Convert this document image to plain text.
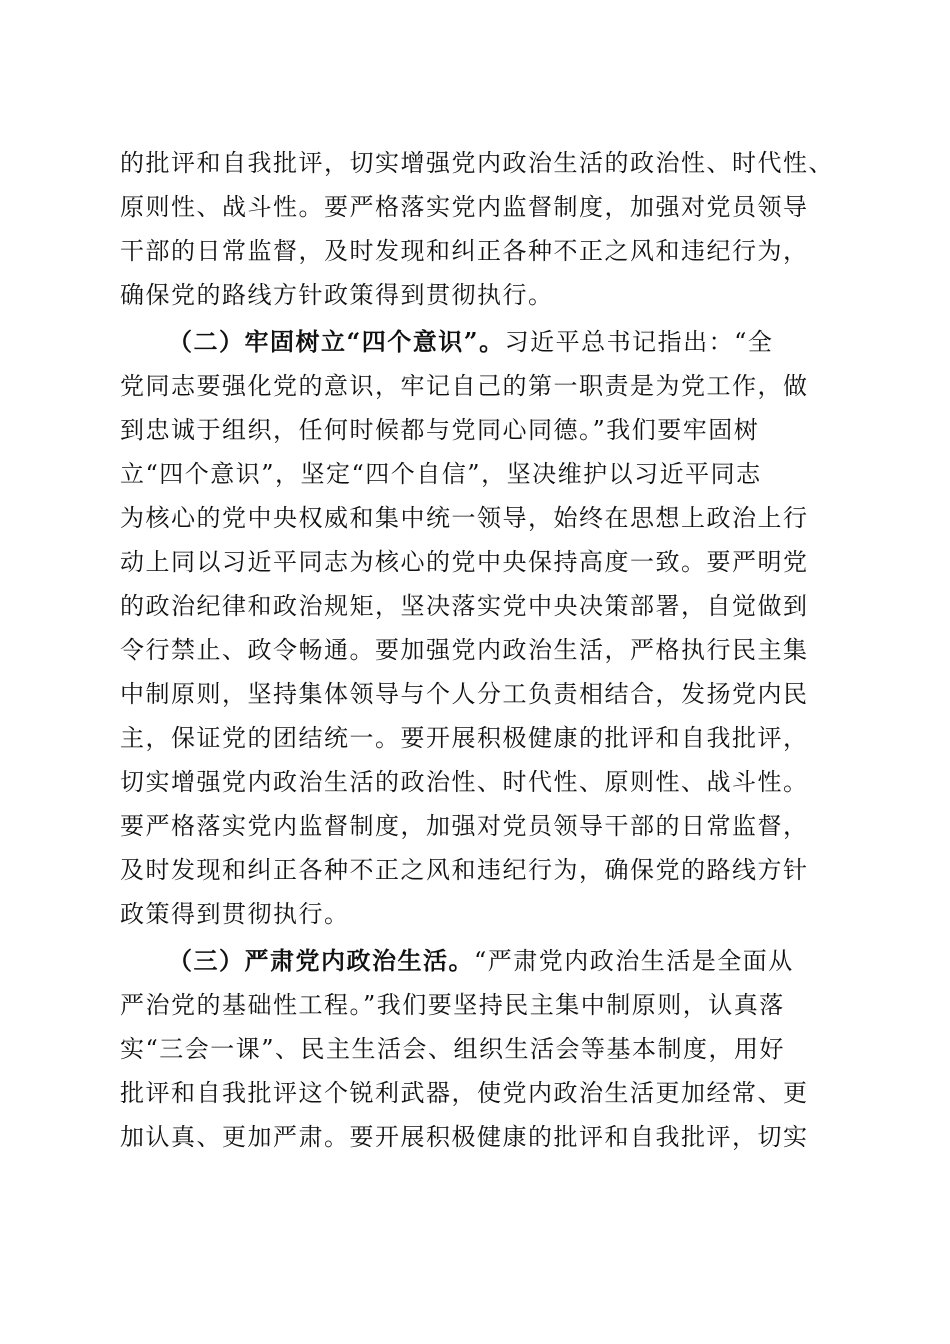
的批评和自我批评，切实增强党内政治生活的政治性、时代性、
原则性、战斗性。要严格落实党内监督制度，加强对党员领导
干部的日常监督，及时发现和纠正各种不正之风和违纪行为，
确保党的路线方针政策得到贯彻执行。
（二）牢固树立“四个意识”。习近平总书记指出：“全
党同志要强化党的意识，牢记自己的第一职责是为党工作，做
到忠诚于组织，任何时候都与党同心同德。”我们要牢固树
立“四个意识”，坚定“四个自信”，坚决维护以习近平同志
为核心的党中央权威和集中统一领导，始终在思想上政治上行
动上同以习近平同志为核心的党中央保持高度一致。要严明党
的政治纪律和政治规矩，坚决落实党中央决策部署，自觉做到
令行禁止、政令畅通。要加强党内政治生活，严格执行民主集
中制原则，坚持集体领导与个人分工负责相结合，发扬党内民
主，保证党的团结统一。要开展积极健康的批评和自我批评，
切实增强党内政治生活的政治性、时代性、原则性、战斗性。
要严格落实党内监督制度，加强对党员领导干部的日常监督，
及时发现和纠正各种不正之风和违纪行为，确保党的路线方针
政策得到贯彻执行。
（三）严肃党内政治生活。“严肃党内政治生活是全面从
严治党的基础性工程。”我们要坚持民主集中制原则，认真落
实“三会一课”、民主生活会、组织生活会等基本制度，用好
批评和自我批评这个锐利武器，使党内政治生活更加经常、更
加认真、更加严肃。要开展积极健康的批评和自我批评，切实
